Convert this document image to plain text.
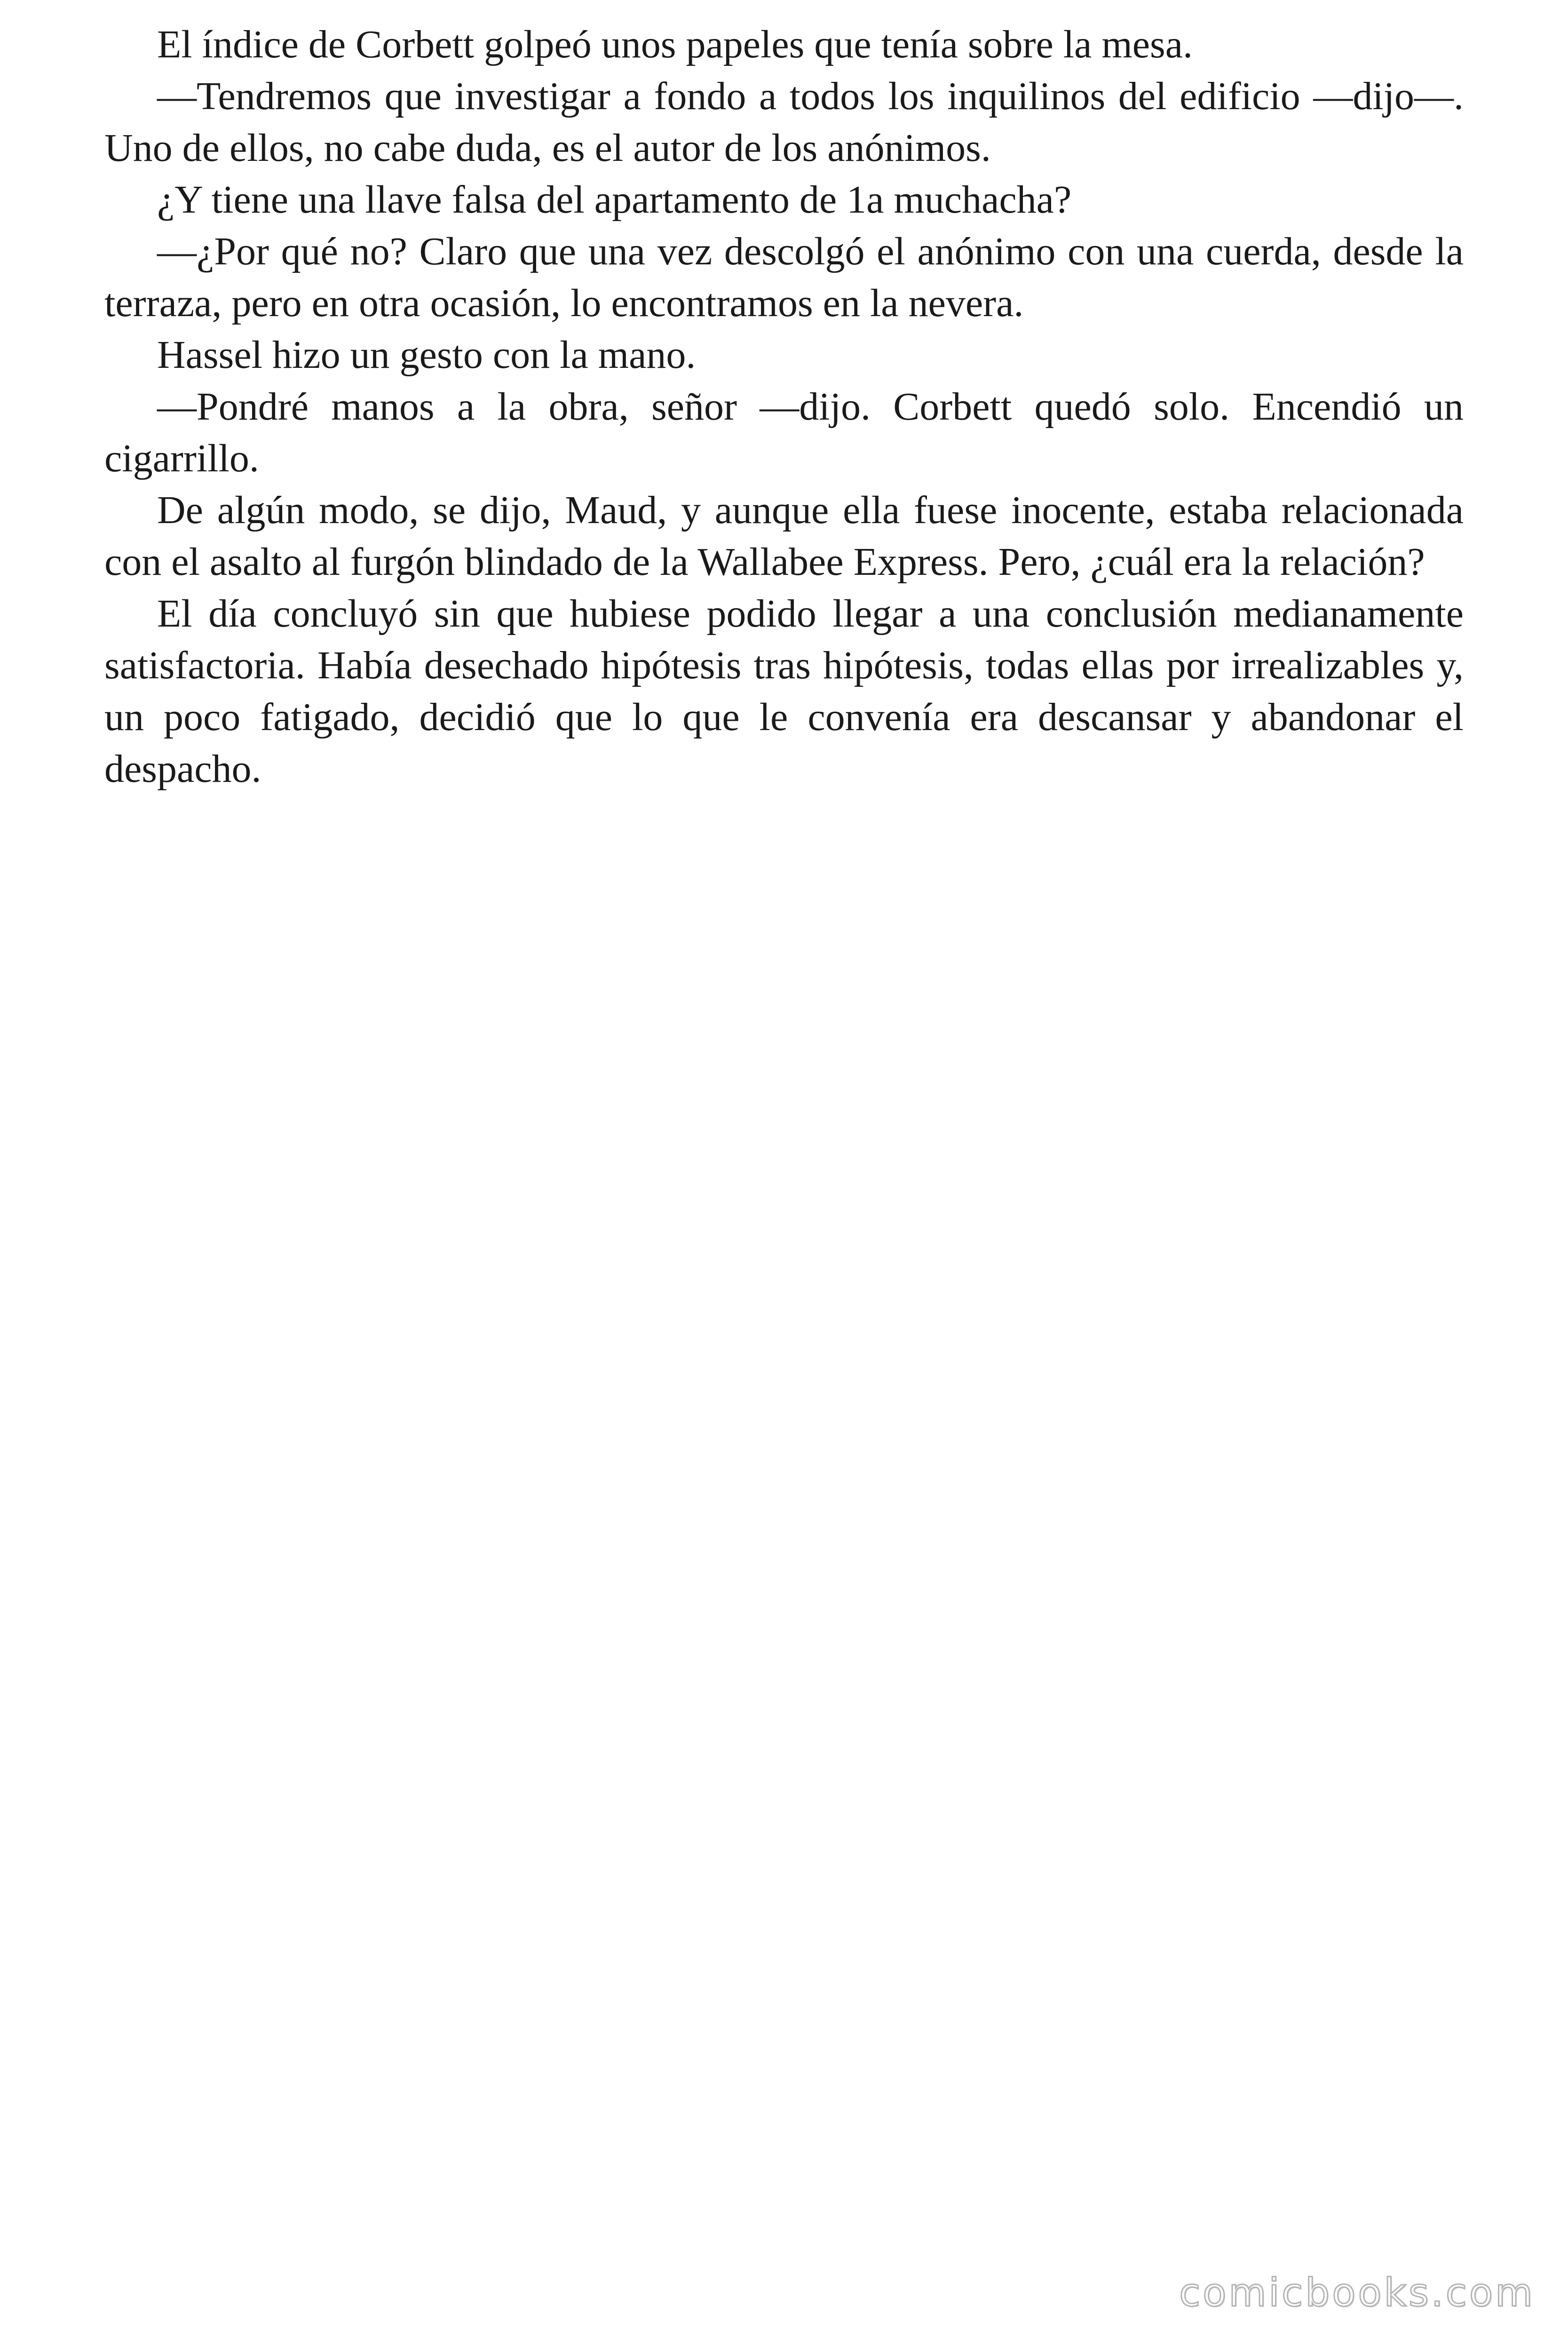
El índice de Corbett golpeó unos papeles que tenía sobre la mesa.

—Tendremos que investigar a fondo a todos los inquilinos del edificio —dijo—. Uno de ellos, no cabe duda, es el autor de los anónimos.

¿Y tiene una llave falsa del apartamento de 1a muchacha?

—¿Por qué no? Claro que una vez descolgó el anónimo con una cuerda, desde la terraza, pero en otra ocasión, lo encontramos en la nevera.

Hassel hizo un gesto con la mano.

—Pondré manos a la obra, señor —dijo. Corbett quedó solo. Encendió un cigarrillo.

De algún modo, se dijo, Maud, y aunque ella fuese inocente, estaba relacionada con el asalto al furgón blindado de la Wallabee Express. Pero, ¿cuál era la relación?

El día concluyó sin que hubiese podido llegar a una conclusión medianamente satisfactoria. Había desechado hipótesis tras hipótesis, todas ellas por irrealizables y, un poco fatigado, decidió que lo que le convenía era descansar y abandonar el despacho.

comicbooks.com
